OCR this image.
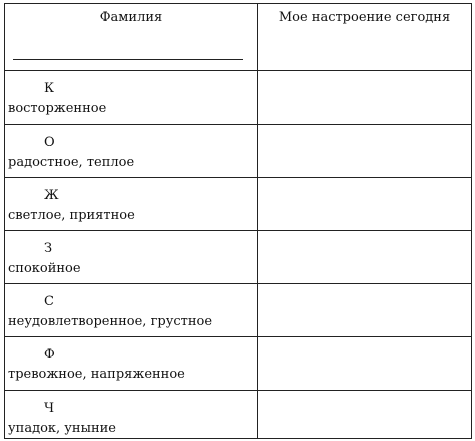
Фамилия	Мое настроение сегодня

К
восторженное	

О
радостное, теплое	

Ж
светлое, приятное	

З
спокойное	

С
неудовлетворенное, грустное	

Ф
тревожное, напряженное	

Ч
упадок, уныние	
